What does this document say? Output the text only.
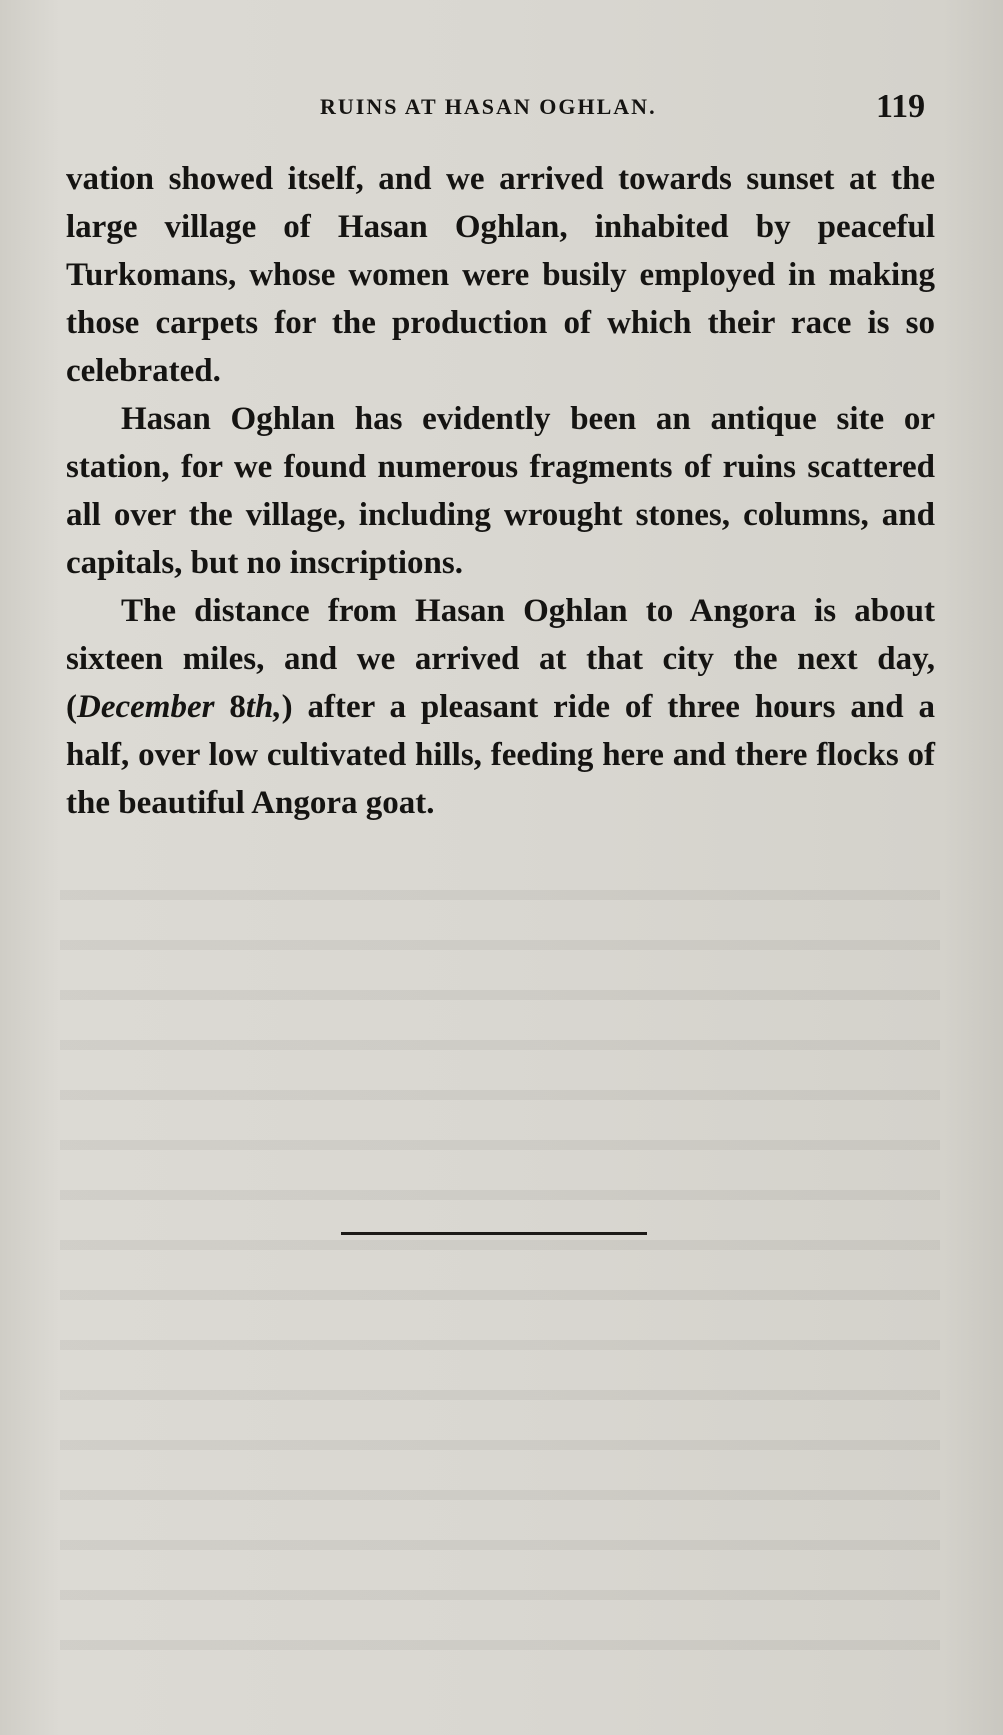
RUINS AT HASAN OGHLAN.	119

vation showed itself, and we arrived towards sunset at the large village of Hasan Oghlan, inhabited by peaceful Turkomans, whose women were busily employed in making those carpets for the production of which their race is so celebrated.

Hasan Oghlan has evidently been an antique site or station, for we found numerous fragments of ruins scattered all over the village, including wrought stones, columns, and capitals, but no inscriptions.

The distance from Hasan Oghlan to Angora is about sixteen miles, and we arrived at that city the next day, (December 8th,) after a pleasant ride of three hours and a half, over low cultivated hills, feeding here and there flocks of the beautiful Angora goat.
